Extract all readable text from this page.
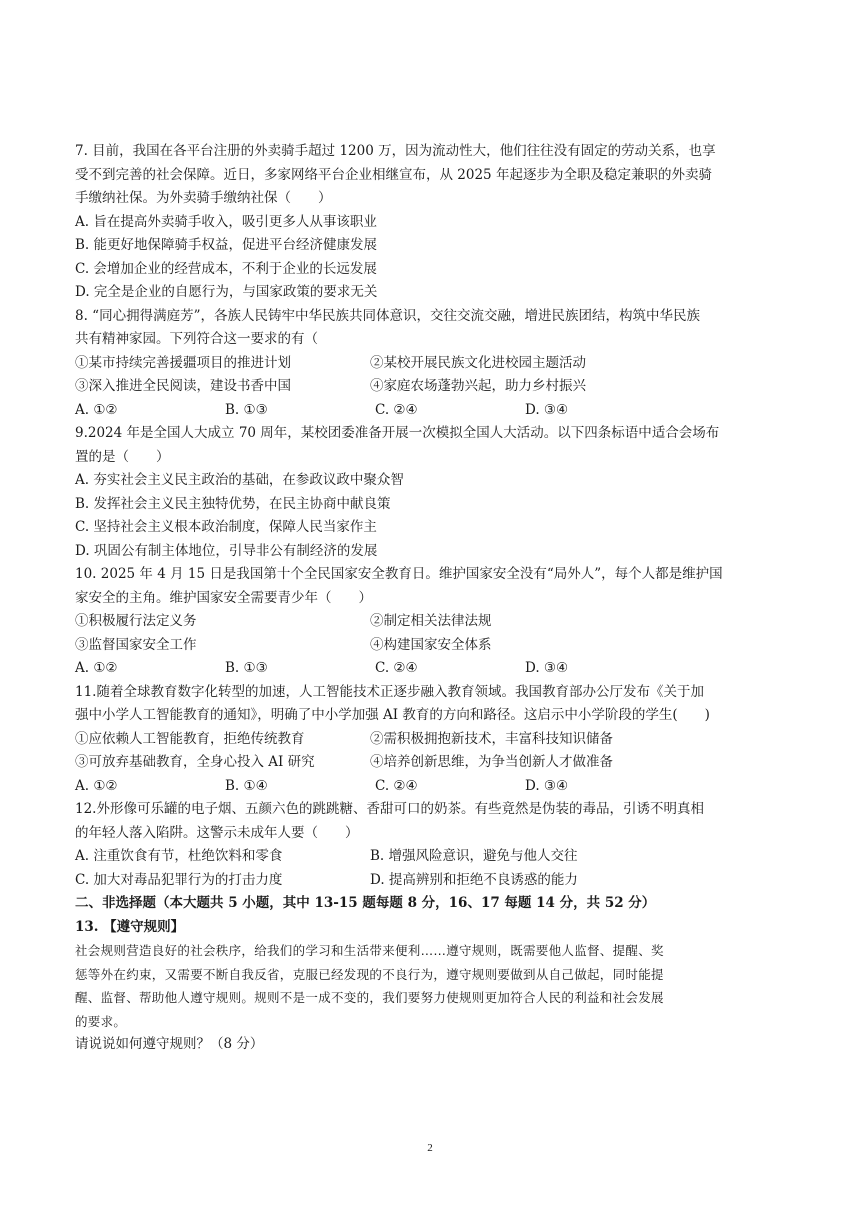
7. 目前，我国在各平台注册的外卖骑手超过 1200 万，因为流动性大，他们往往没有固定的劳动关系，也享
受不到完善的社会保障。近日，多家网络平台企业相继宣布，从 2025 年起逐步为全职及稳定兼职的外卖骑
手缴纳社保。为外卖骑手缴纳社保（　　）
A. 旨在提高外卖骑手收入，吸引更多人从事该职业
B. 能更好地保障骑手权益，促进平台经济健康发展
C. 会增加企业的经营成本，不利于企业的长远发展
D. 完全是企业的自愿行为，与国家政策的要求无关
8. “同心拥得满庭芳”，各族人民铸牢中华民族共同体意识，交往交流交融，增进民族团结，构筑中华民族
共有精神家园。下列符合这一要求的有（
①某市持续完善援疆项目的推进计划	②某校开展民族文化进校园主题活动
③深入推进全民阅读，建设书香中国	④家庭农场蓬勃兴起，助力乡村振兴
A. ①②	B. ①③	C. ②④	D. ③④
9.2024 年是全国人大成立 70 周年，某校团委准备开展一次模拟全国人大活动。以下四条标语中适合会场布
置的是（　　）
A. 夯实社会主义民主政治的基础，在参政议政中聚众智
B. 发挥社会主义民主独特优势，在民主协商中献良策
C. 坚持社会主义根本政治制度，保障人民当家作主
D. 巩固公有制主体地位，引导非公有制经济的发展
10. 2025 年 4 月 15 日是我国第十个全民国家安全教育日。维护国家安全没有“局外人”，每个人都是维护国
家安全的主角。维护国家安全需要青少年（　　）
①积极履行法定义务	②制定相关法律法规
③监督国家安全工作	④构建国家安全体系
A. ①②	B. ①③	C. ②④	D. ③④
11.随着全球教育数字化转型的加速，人工智能技术正逐步融入教育领域。我国教育部办公厅发布《关于加
强中小学人工智能教育的通知》，明确了中小学加强 AI 教育的方向和路径。这启示中小学阶段的学生(　　)
①应依赖人工智能教育，拒绝传统教育	②需积极拥抱新技术，丰富科技知识储备
③可放弃基础教育，全身心投入 AI 研究	④培养创新思维，为争当创新人才做准备
A. ①②	B. ①④	C. ②④	D. ③④
12.外形像可乐罐的电子烟、五颜六色的跳跳糖、香甜可口的奶茶。有些竟然是伪装的毒品，引诱不明真相
的年轻人落入陷阱。这警示未成年人要（　　）
A. 注重饮食有节，杜绝饮料和零食	B. 增强风险意识，避免与他人交往
C. 加大对毒品犯罪行为的打击力度	D. 提高辨别和拒绝不良诱惑的能力
二、非选择题（本大题共 5 小题，其中 13-15 题每题 8 分，16、17 每题 14 分，共 52 分）
13. 【遵守规则】
社会规则营造良好的社会秩序，给我们的学习和生活带来便利……遵守规则，既需要他人监督、提醒、奖
惩等外在约束，又需要不断自我反省，克服已经发现的不良行为，遵守规则要做到从自己做起，同时能提
醒、监督、帮助他人遵守规则。规则不是一成不变的，我们要努力使规则更加符合人民的利益和社会发展
的要求。
请说说如何遵守规则？（8 分）
2
